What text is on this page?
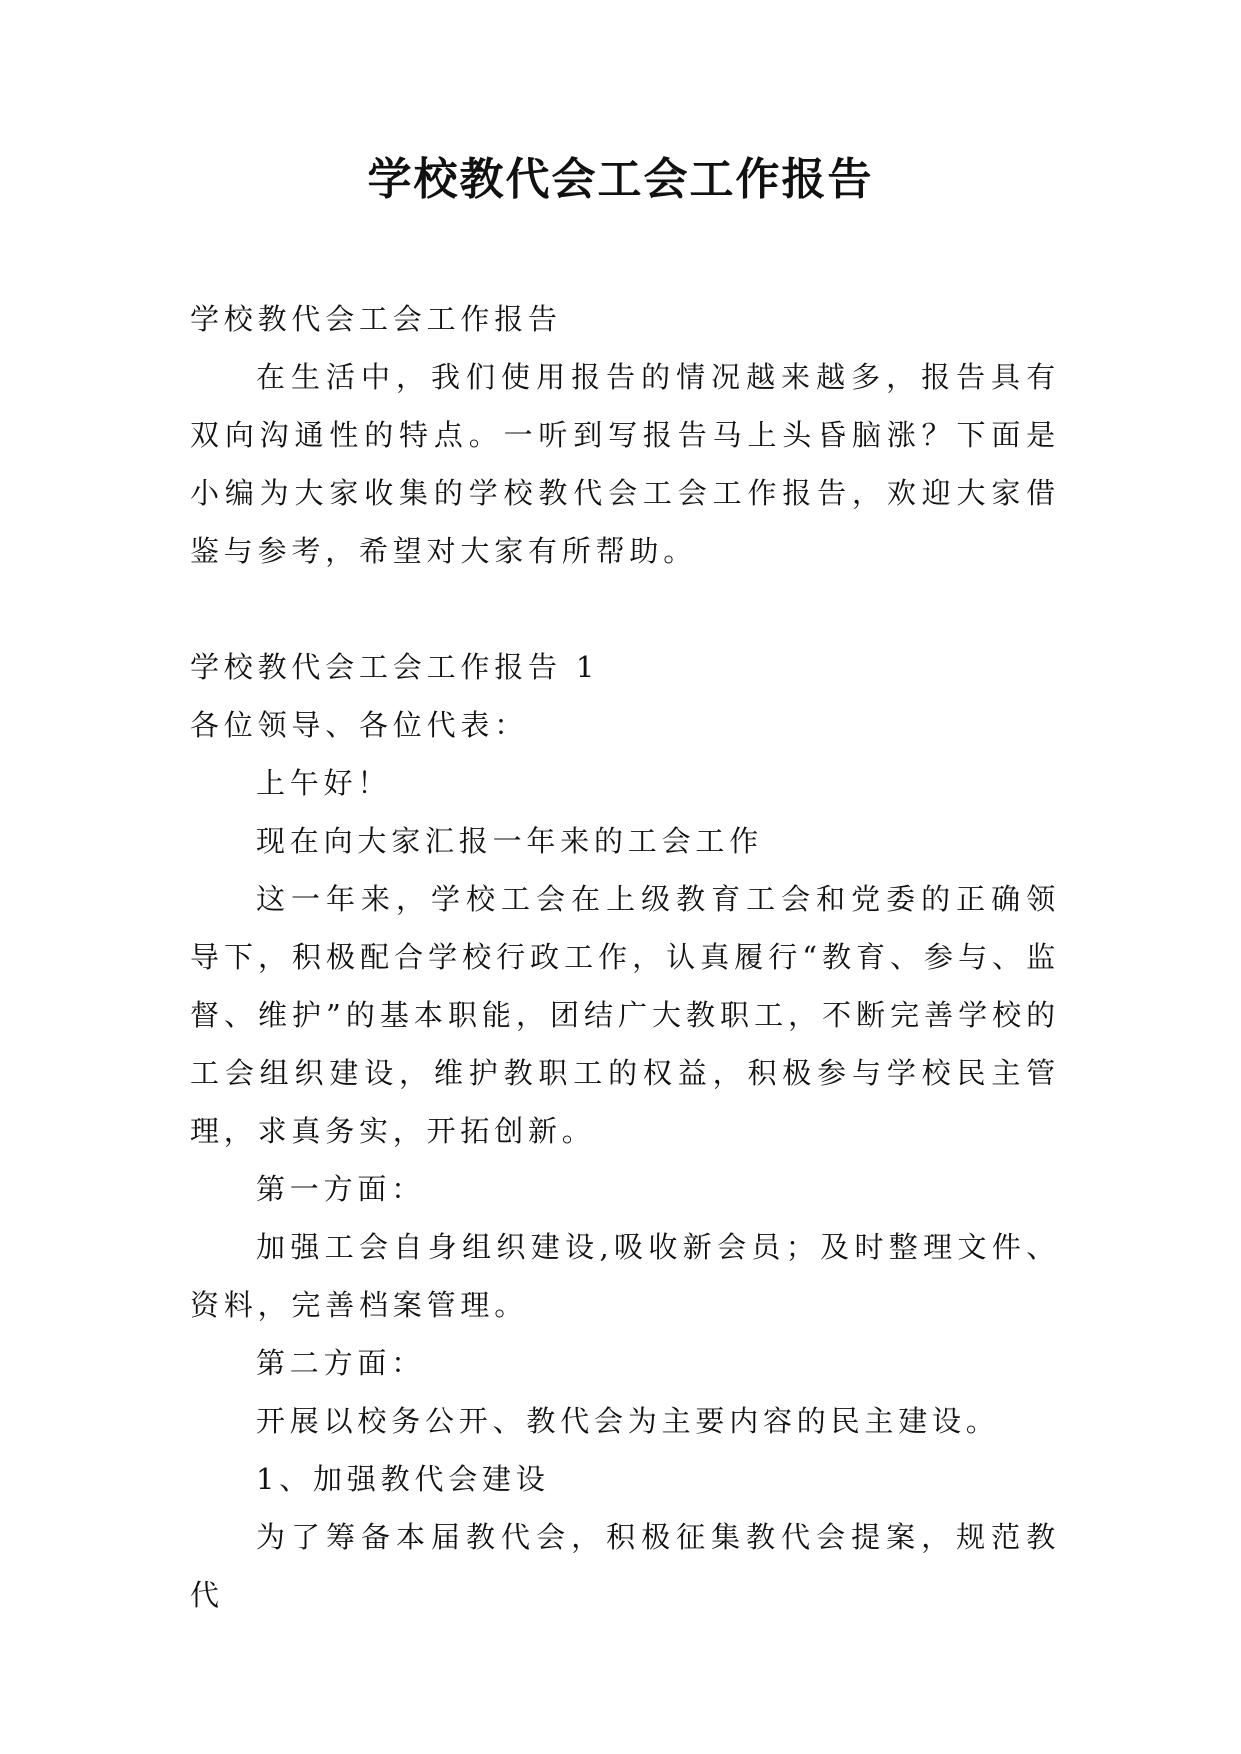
学校教代会工会工作报告

学校教代会工会工作报告

在生活中，我们使用报告的情况越来越多，报告具有双向沟通性的特点。一听到写报告马上头昏脑涨？下面是小编为大家收集的学校教代会工会工作报告，欢迎大家借鉴与参考，希望对大家有所帮助。

学校教代会工会工作报告 1

各位领导、各位代表：

上午好！

现在向大家汇报一年来的工会工作

这一年来，学校工会在上级教育工会和党委的正确领导下，积极配合学校行政工作，认真履行“教育、参与、监督、维护”的基本职能，团结广大教职工，不断完善学校的工会组织建设，维护教职工的权益，积极参与学校民主管理，求真务实，开拓创新。

第一方面：

加强工会自身组织建设,吸收新会员；及时整理文件、资料，完善档案管理。

第二方面：

开展以校务公开、教代会为主要内容的民主建设。

1、加强教代会建设

为了筹备本届教代会，积极征集教代会提案，规范教代
